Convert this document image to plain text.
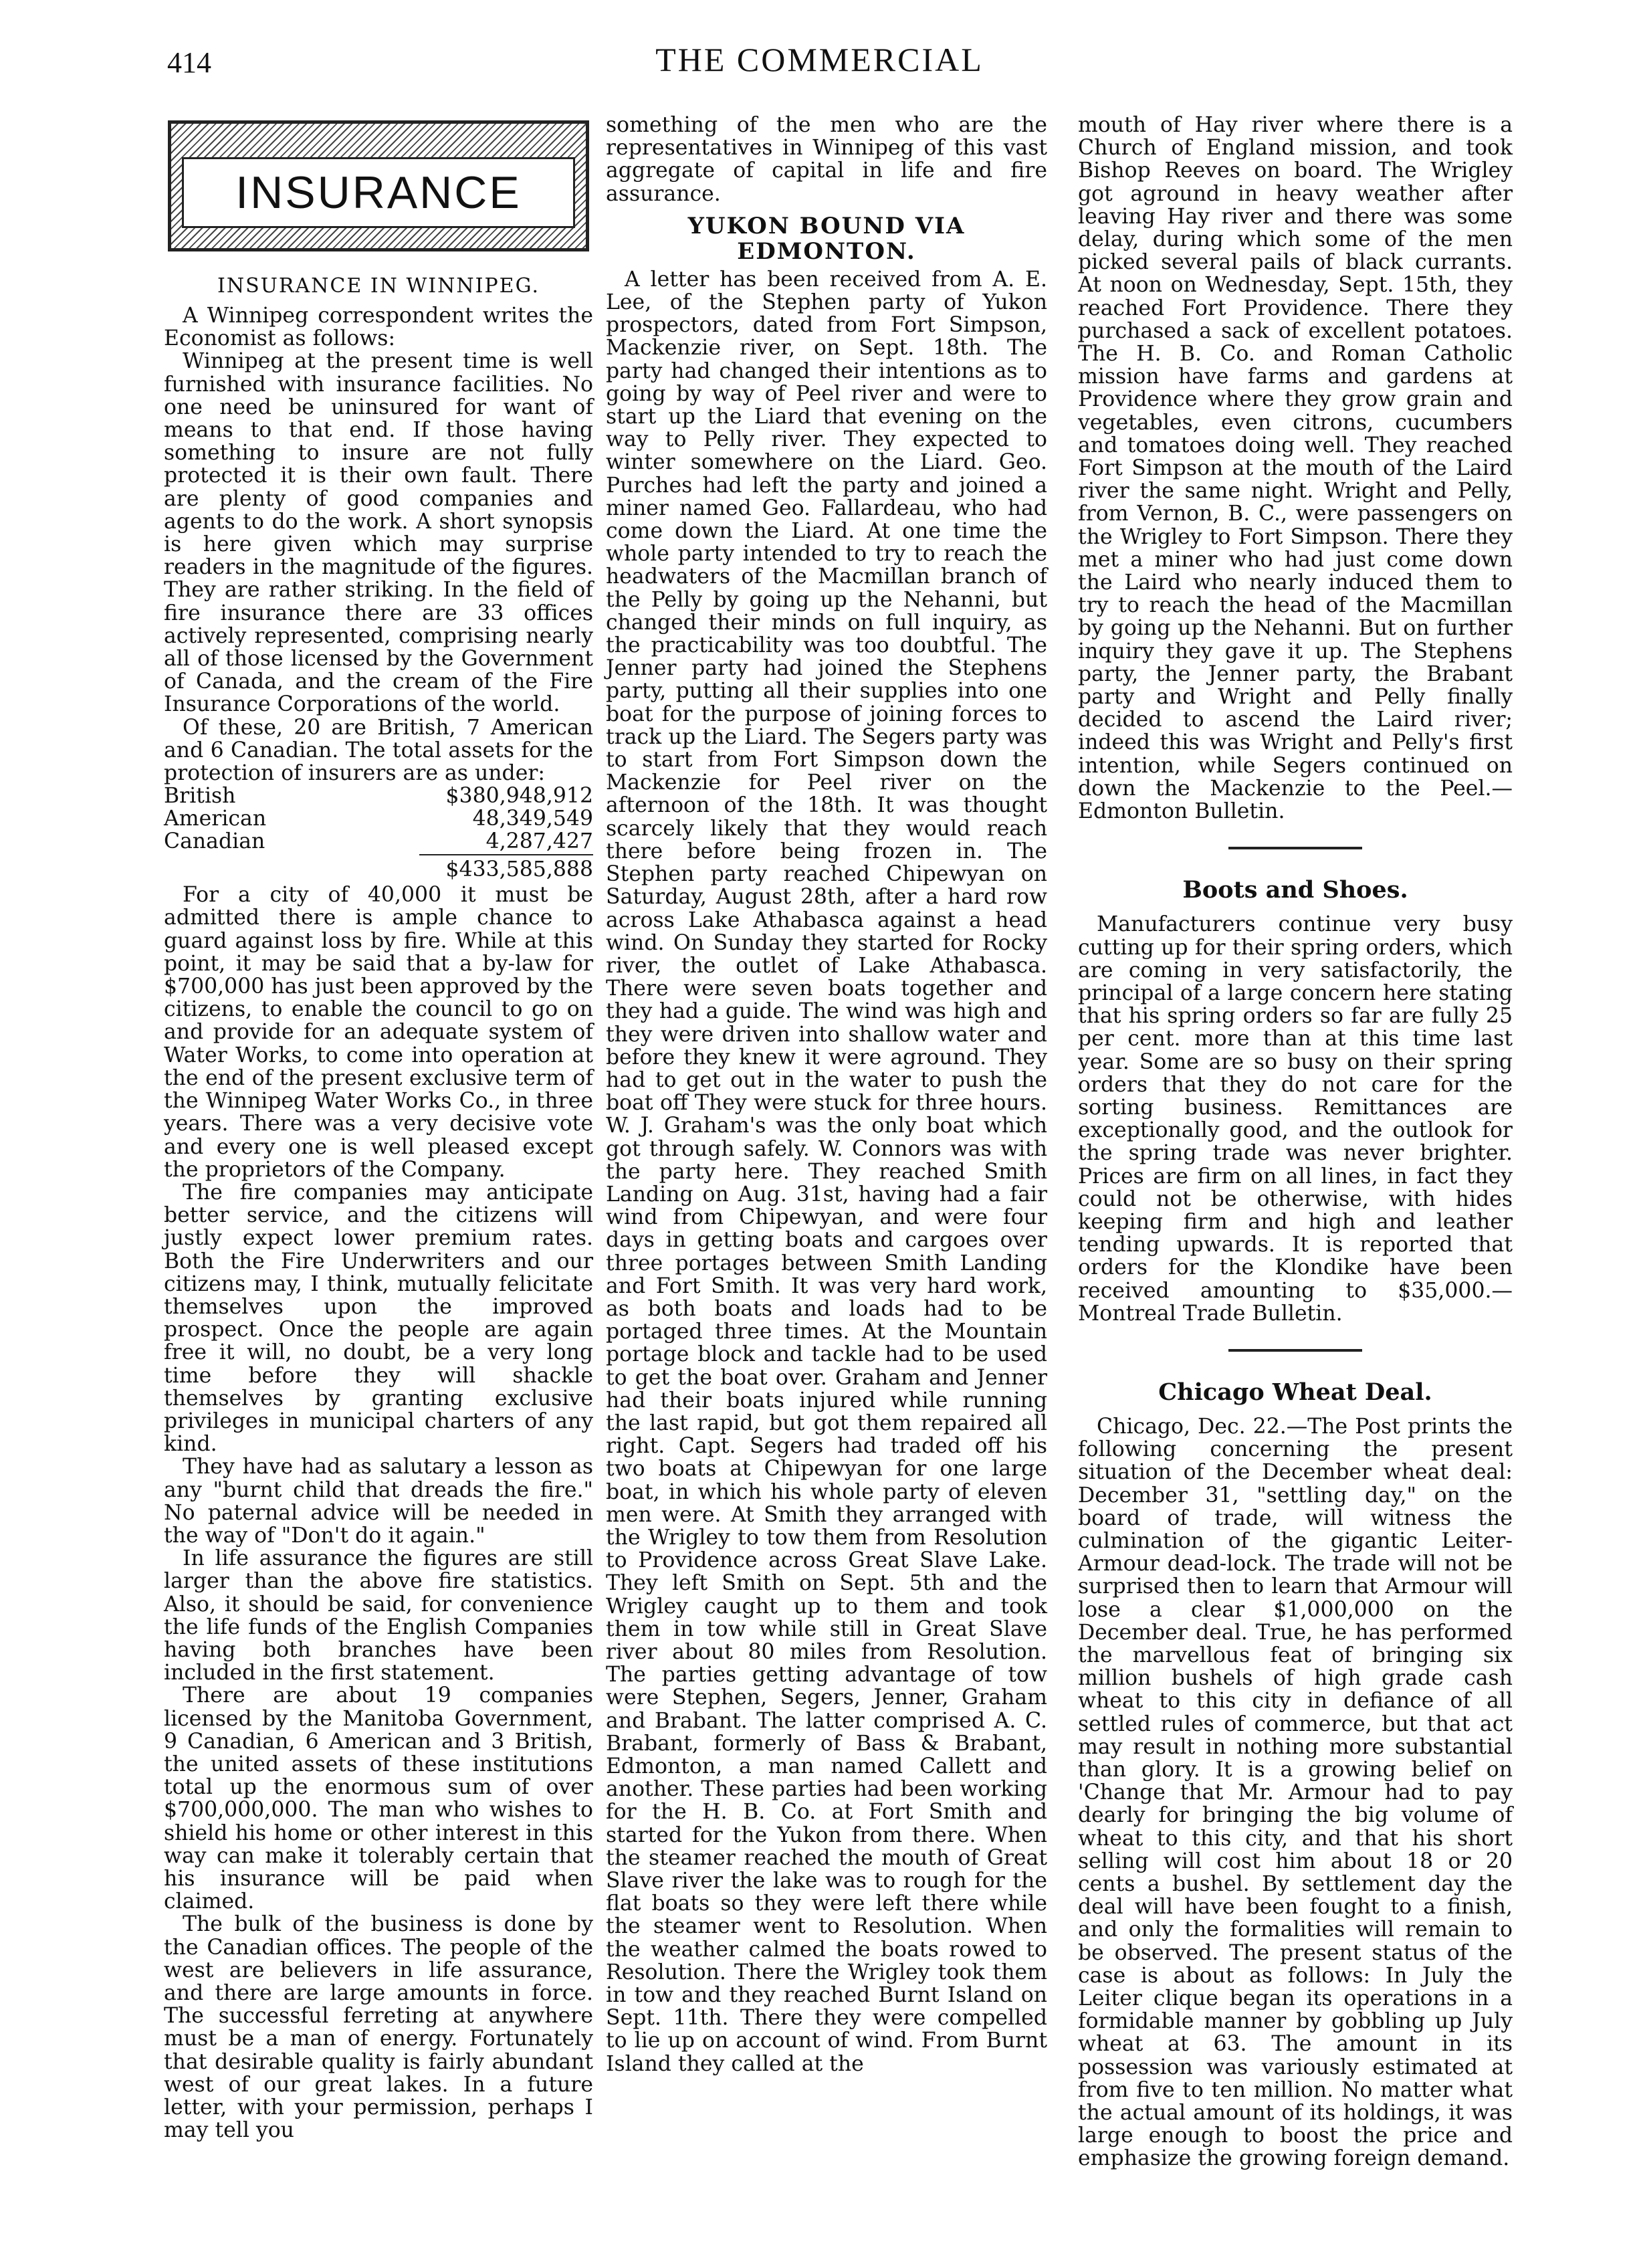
414	THE COMMERCIAL
INSURANCE
INSURANCE IN WINNIPEG.

A Winnipeg correspondent writes the Economist as follows:

Winnipeg at the present time is well furnished with insurance facilities. No one need be uninsured for want of means to that end. If those having something to insure are not fully protected it is their own fault. There are plenty of good companies and agents to do the work. A short synopsis is here given which may surprise readers in the magnitude of the figures. They are rather striking. In the field of fire insurance there are 33 offices actively represented, comprising nearly all of those licensed by the Government of Canada, and the cream of the Fire Insurance Corporations of the world.

Of these, 20 are British, 7 American and 6 Canadian. The total assets for the protection of insurers are as under:

British	$380,948,912
American	48,349,549
Canadian	4,287,427
$433,585,888

For a city of 40,000 it must be admitted there is ample chance to guard against loss by fire. While at this point, it may be said that a by-law for $700,000 has just been approved by the citizens, to enable the council to go on and provide for an adequate system of Water Works, to come into operation at the end of the present exclusive term of the Winnipeg Water Works Co., in three years. There was a very decisive vote and every one is well pleased except the proprietors of the Company.

The fire companies may anticipate better service, and the citizens will justly expect lower premium rates. Both the Fire Underwriters and our citizens may, I think, mutually felicitate themselves upon the improved prospect. Once the people are again free it will, no doubt, be a very long time before they will shackle themselves by granting exclusive privileges in municipal charters of any kind.

They have had as salutary a lesson as any "burnt child that dreads the fire." No paternal advice will be needed in the way of "Don't do it again."

In life assurance the figures are still larger than the above fire statistics. Also, it should be said, for convenience the life funds of the English Companies having both branches have been included in the first statement.

There are about 19 companies licensed by the Manitoba Government, 9 Canadian, 6 American and 3 British, the united assets of these institutions total up the enormous sum of over $700,000,000. The man who wishes to shield his home or other interest in this way can make it tolerably certain that his insurance will be paid when claimed.

The bulk of the business is done by the Canadian offices. The people of the west are believers in life assurance, and there are large amounts in force. The successful ferreting at anywhere must be a man of energy. Fortunately that desirable quality is fairly abundant west of our great lakes. In a future letter, with your permission, perhaps I may tell you

something of the men who are the representatives in Winnipeg of this vast aggregate of capital in life and fire assurance.

YUKON BOUND VIA EDMONTON.

A letter has been received from A. E. Lee, of the Stephen party of Yukon prospectors, dated from Fort Simpson, Mackenzie river, on Sept. 18th. The party had changed their intentions as to going by way of Peel river and were to start up the Liard that evening on the way to Pelly river. They expected to winter somewhere on the Liard. Geo. Purches had left the party and joined a miner named Geo. Fallardeau, who had come down the Liard. At one time the whole party intended to try to reach the headwaters of the Macmillan branch of the Pelly by going up the Nehanni, but changed their minds on full inquiry, as the practicability was too doubtful. The Jenner party had joined the Stephens party, putting all their supplies into one boat for the purpose of joining forces to track up the Liard. The Segers party was to start from Fort Simpson down the Mackenzie for Peel river on the afternoon of the 18th. It was thought scarcely likely that they would reach there before being frozen in. The Stephen party reached Chipewyan on Saturday, August 28th, after a hard row across Lake Athabasca against a head wind. On Sunday they started for Rocky river, the outlet of Lake Athabasca. There were seven boats together and they had a guide. The wind was high and they were driven into shallow water and before they knew it were aground. They had to get out in the water to push the boat off They were stuck for three hours. W. J. Graham's was the only boat which got through safely. W. Connors was with the party here. They reached Smith Landing on Aug. 31st, having had a fair wind from Chipewyan, and were four days in getting boats and cargoes over three portages between Smith Landing and Fort Smith. It was very hard work, as both boats and loads had to be portaged three times. At the Mountain portage block and tackle had to be used to get the boat over. Graham and Jenner had their boats injured while running the last rapid, but got them repaired all right. Capt. Segers had traded off his two boats at Chipewyan for one large boat, in which his whole party of eleven men were. At Smith they arranged with the Wrigley to tow them from Resolution to Providence across Great Slave Lake. They left Smith on Sept. 5th and the Wrigley caught up to them and took them in tow while still in Great Slave river about 80 miles from Resolution. The parties getting advantage of tow were Stephen, Segers, Jenner, Graham and Brabant. The latter comprised A. C. Brabant, formerly of Bass & Brabant, Edmonton, a man named Callett and another. These parties had been working for the H. B. Co. at Fort Smith and started for the Yukon from there. When the steamer reached the mouth of Great Slave river the lake was to rough for the flat boats so they were left there while the steamer went to Resolution. When the weather calmed the boats rowed to Resolution. There the Wrigley took them in tow and they reached Burnt Island on Sept. 11th. There they were compelled to lie up on account of wind. From Burnt Island they called at the

mouth of Hay river where there is a Church of England mission, and took Bishop Reeves on board. The Wrigley got aground in heavy weather after leaving Hay river and there was some delay, during which some of the men picked several pails of black currants. At noon on Wednesday, Sept. 15th, they reached Fort Providence. There they purchased a sack of excellent potatoes. The H. B. Co. and Roman Catholic mission have farms and gardens at Providence where they grow grain and vegetables, even citrons, cucumbers and tomatoes doing well. They reached Fort Simpson at the mouth of the Laird river the same night. Wright and Pelly, from Vernon, B. C., were passengers on the Wrigley to Fort Simpson. There they met a miner who had just come down the Laird who nearly induced them to try to reach the head of the Macmillan by going up the Nehanni. But on further inquiry they gave it up. The Stephens party, the Jenner party, the Brabant party and Wright and Pelly finally decided to ascend the Laird river; indeed this was Wright and Pelly's first intention, while Segers continued on down the Mackenzie to the Peel.—Edmonton Bulletin.

Boots and Shoes.

Manufacturers continue very busy cutting up for their spring orders, which are coming in very satisfactorily, the principal of a large concern here stating that his spring orders so far are fully 25 per cent. more than at this time last year. Some are so busy on their spring orders that they do not care for the sorting business. Remittances are exceptionally good, and the outlook for the spring trade was never brighter. Prices are firm on all lines, in fact they could not be otherwise, with hides keeping firm and high and leather tending upwards. It is reported that orders for the Klondike have been received amounting to $35,000.—Montreal Trade Bulletin.

Chicago Wheat Deal.

Chicago, Dec. 22.—The Post prints the following concerning the present situation of the December wheat deal: December 31, "settling day," on the board of trade, will witness the culmination of the gigantic Leiter-Armour dead-lock. The trade will not be surprised then to learn that Armour will lose a clear $1,000,000 on the December deal. True, he has performed the marvellous feat of bringing six million bushels of high grade cash wheat to this city in defiance of all settled rules of commerce, but that act may result in nothing more substantial than glory. It is a growing belief on 'Change that Mr. Armour had to pay dearly for bringing the big volume of wheat to this city, and that his short selling will cost him about 18 or 20 cents a bushel. By settlement day the deal will have been fought to a finish, and only the formalities will remain to be observed. The present status of the case is about as follows: In July the Leiter clique began its operations in a formidable manner by gobbling up July wheat at 63. The amount in its possession was variously estimated at from five to ten million. No matter what the actual amount of its holdings, it was large enough to boost the price and emphasize the growing foreign demand.
